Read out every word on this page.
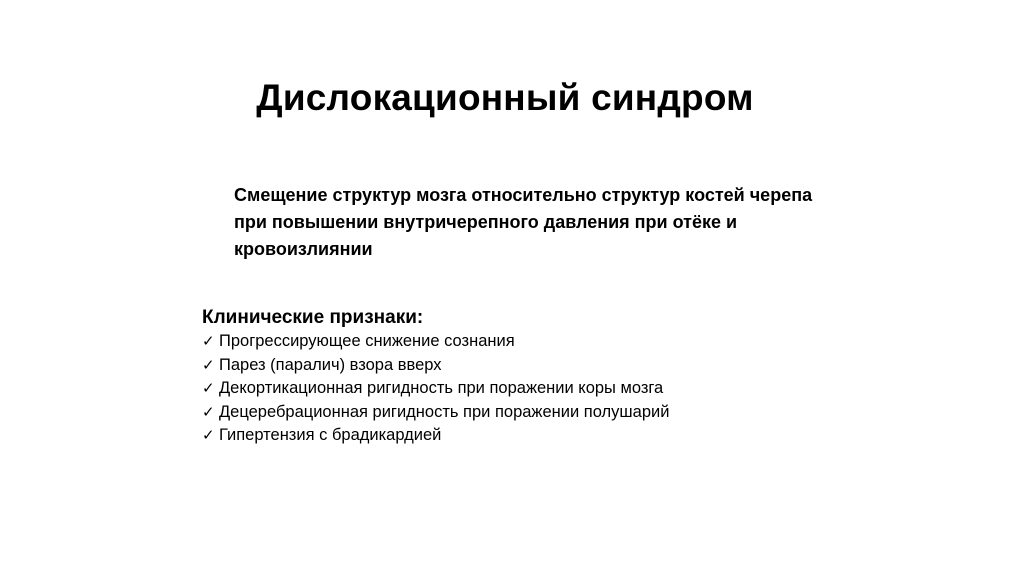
Дислокационный синдром

Смещение структур мозга относительно структур костей черепа при повышении внутричерепного давления при отёке и кровоизлиянии

Клинические признаки:

✓ Прогрессирующее снижение сознания
✓ Парез (паралич) взора вверх
✓ Декортикационная ригидность при поражении коры мозга
✓ Децеребрационная ригидность при поражении полушарий
✓ Гипертензия с брадикардией
